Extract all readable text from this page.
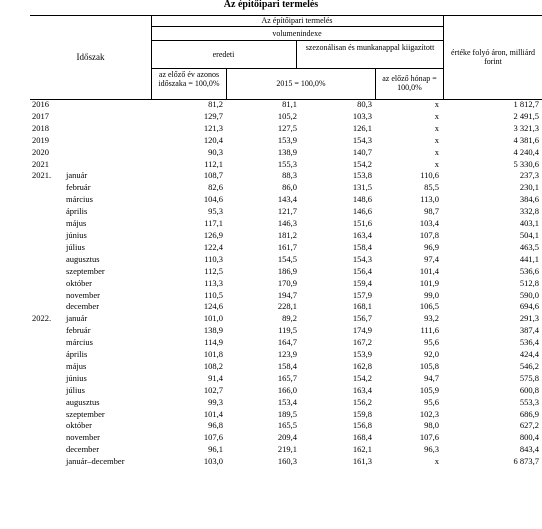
Az építőipari termelés
Időszak
Az építőipari termelés
volumenindexe
eredeti
szezonálisan és munkanappal kiigazított
az előző év azonos időszaka = 100,0%	2015 = 100,0%
az előző hónap = 100,0%
értéke folyó áron, milliárd forint
2016	81,2	81,1	80,3	x	1 812,7

2017	129,7	105,2	103,3	x	2 491,5

2018	121,3	127,5	126,1	x	3 321,3

2019	120,4	153,9	154,3	x	4 381,6

2020	90,3	138,9	140,7	x	4 240,4

2021	112,1	155,3	154,2	x	5 330,6

2021. január	108,7	88,3	153,8	110,6	237,3

február	82,6	86,0	131,5	85,5	230,1

március	104,6	143,4	148,6	113,0	384,6

április	95,3	121,7	146,6	98,7	332,8

május	117,1	146,3	151,6	103,4	403,1

június	126,9	181,2	163,4	107,8	504,1

július	122,4	161,7	158,4	96,9	463,5

augusztus	110,3	154,5	154,3	97,4	441,1

szeptember	112,5	186,9	156,4	101,4	536,6

október	113,3	170,9	159,4	101,9	512,8

november	110,5	194,7	157,9	99,0	590,0

december	124,6	228,1	168,1	106,5	694,6

2022. január	101,0	89,2	156,7	93,2	291,3

február	138,9	119,5	174,9	111,6	387,4

március	114,9	164,7	167,2	95,6	536,4

április	101,8	123,9	153,9	92,0	424,4

május	108,2	158,4	162,8	105,8	546,2

június	91,4	165,7	154,2	94,7	575,8

július	102,7	166,0	163,4	105,9	600,8

augusztus	99,3	153,4	156,2	95,6	553,3

szeptember	101,4	189,5	159,8	102,3	686,9

október	96,8	165,5	156,8	98,0	627,2

november	107,6	209,4	168,4	107,6	800,4

december	96,1	219,1	162,1	96,3	843,4

január–december	103,0	160,3	161,3	x	6 873,7
